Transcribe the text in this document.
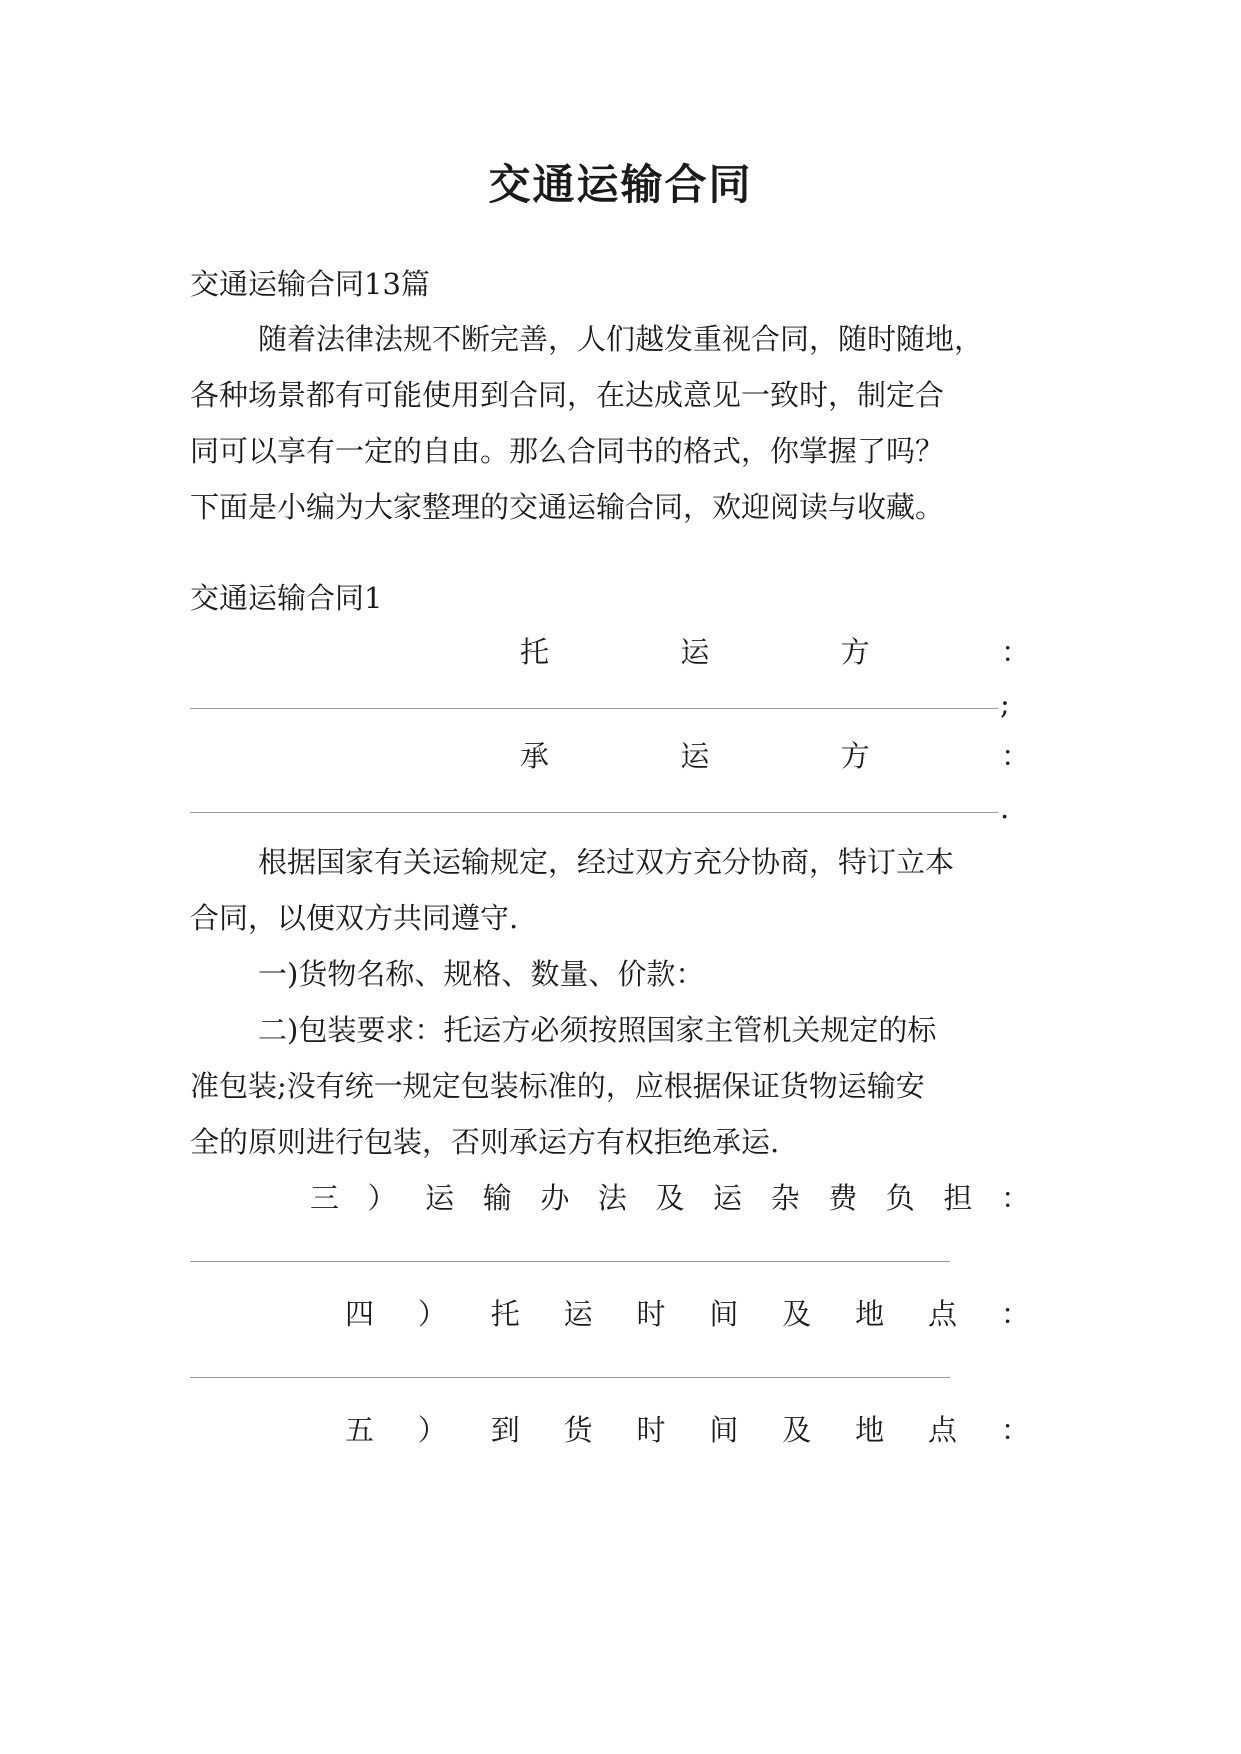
交通运输合同
交通运输合同13篇
随着法律法规不断完善，人们越发重视合同，随时随地，
各种场景都有可能使用到合同，在达成意见一致时，制定合
同可以享有一定的自由。那么合同书的格式，你掌握了吗？
下面是小编为大家整理的交通运输合同，欢迎阅读与收藏。
交通运输合同1
托	运	方	：
;
承	运	方	：
.
根据国家有关运输规定，经过双方充分协商，特订立本
合同，以便双方共同遵守.
一)货物名称、规格、数量、价款：
二)包装要求：托运方必须按照国家主管机关规定的标
准包装;没有统一规定包装标准的，应根据保证货物运输安
全的原则进行包装，否则承运方有权拒绝承运.
三 ） 运 输 办 法 及 运 杂 费 负 担 ：
四 ） 托 运 时 间 及 地 点 ：
五 ） 到 货 时 间 及 地 点 ：
